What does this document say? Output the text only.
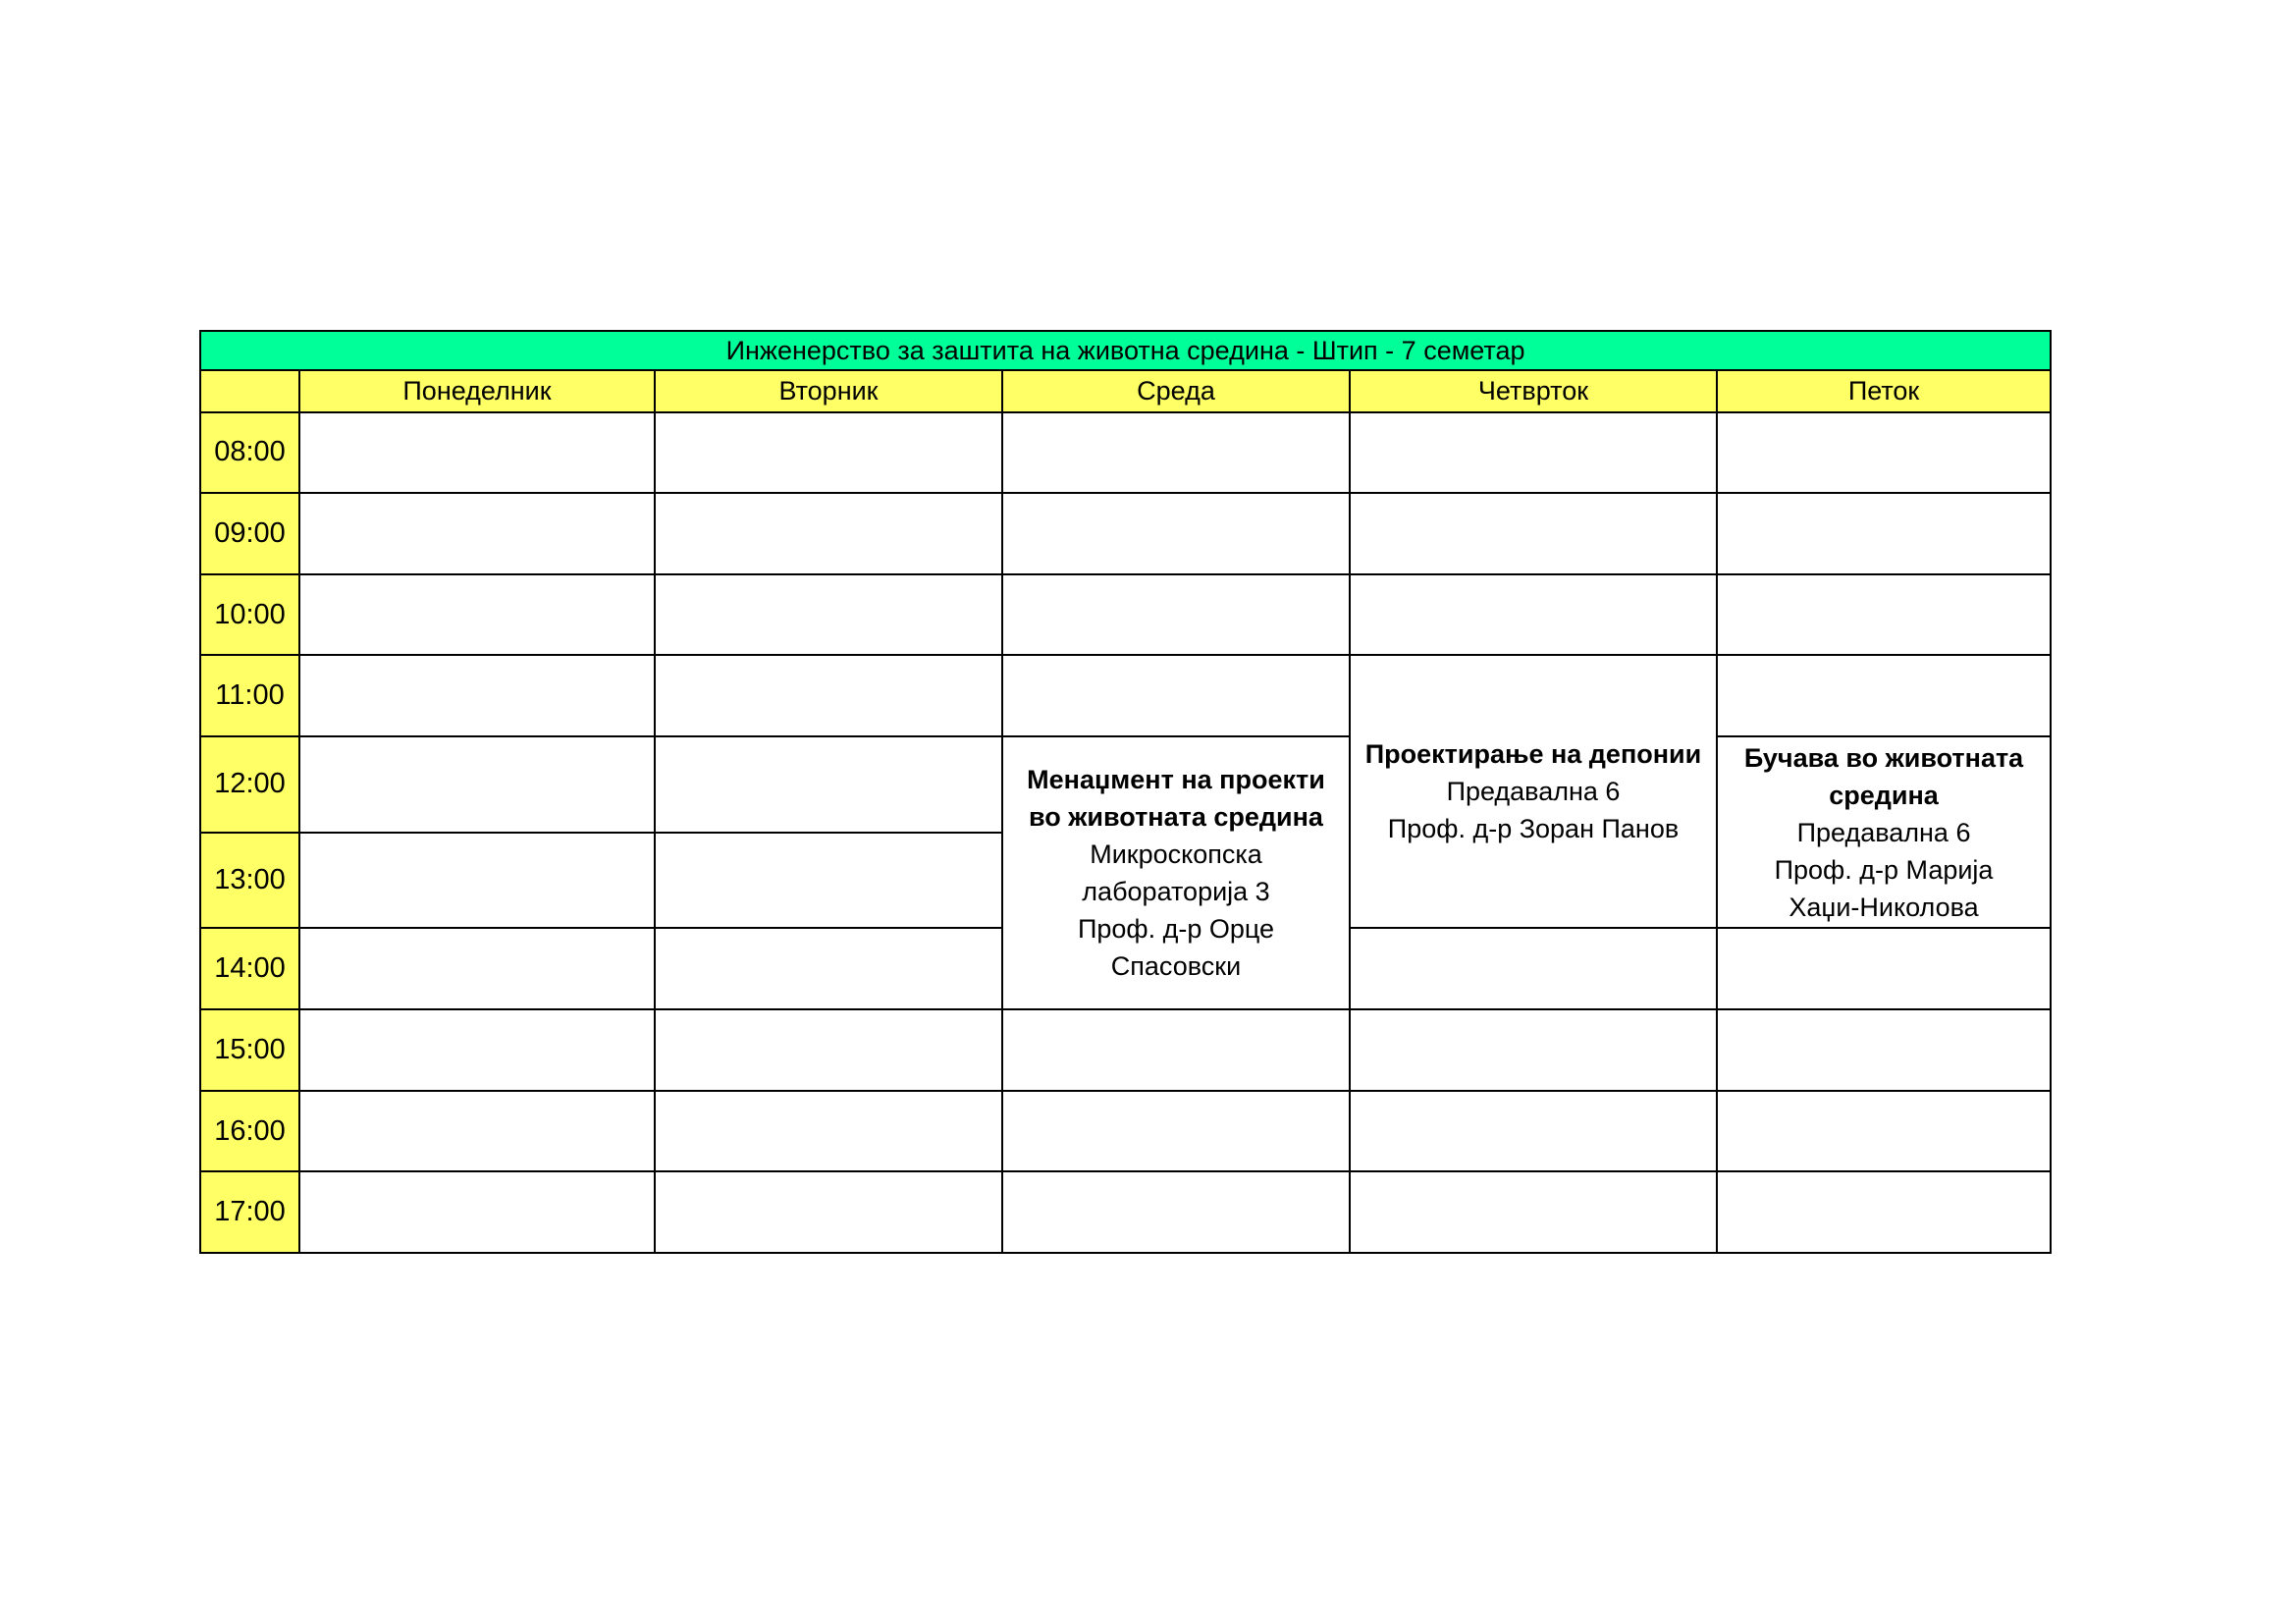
Инженерство за заштита на животна средина - Штип - 7 семетар					
	Понеделник	Вторник	Среда	Четврток	Петок
08:00					
09:00					
10:00					
11:00				Проектирање на депонии
Предавална 6
Проф. д-р Зоран Панов	

12:00			Менаџмент на проекти во животната средина
Микроскопска лабораторија 3
Проф. д-р Орце Спасовски		Бучава во животната средина
Предавална 6
Проф. д-р Марија Хаџи-Николова

13:00					
14:00					
15:00					
16:00					
17:00					
